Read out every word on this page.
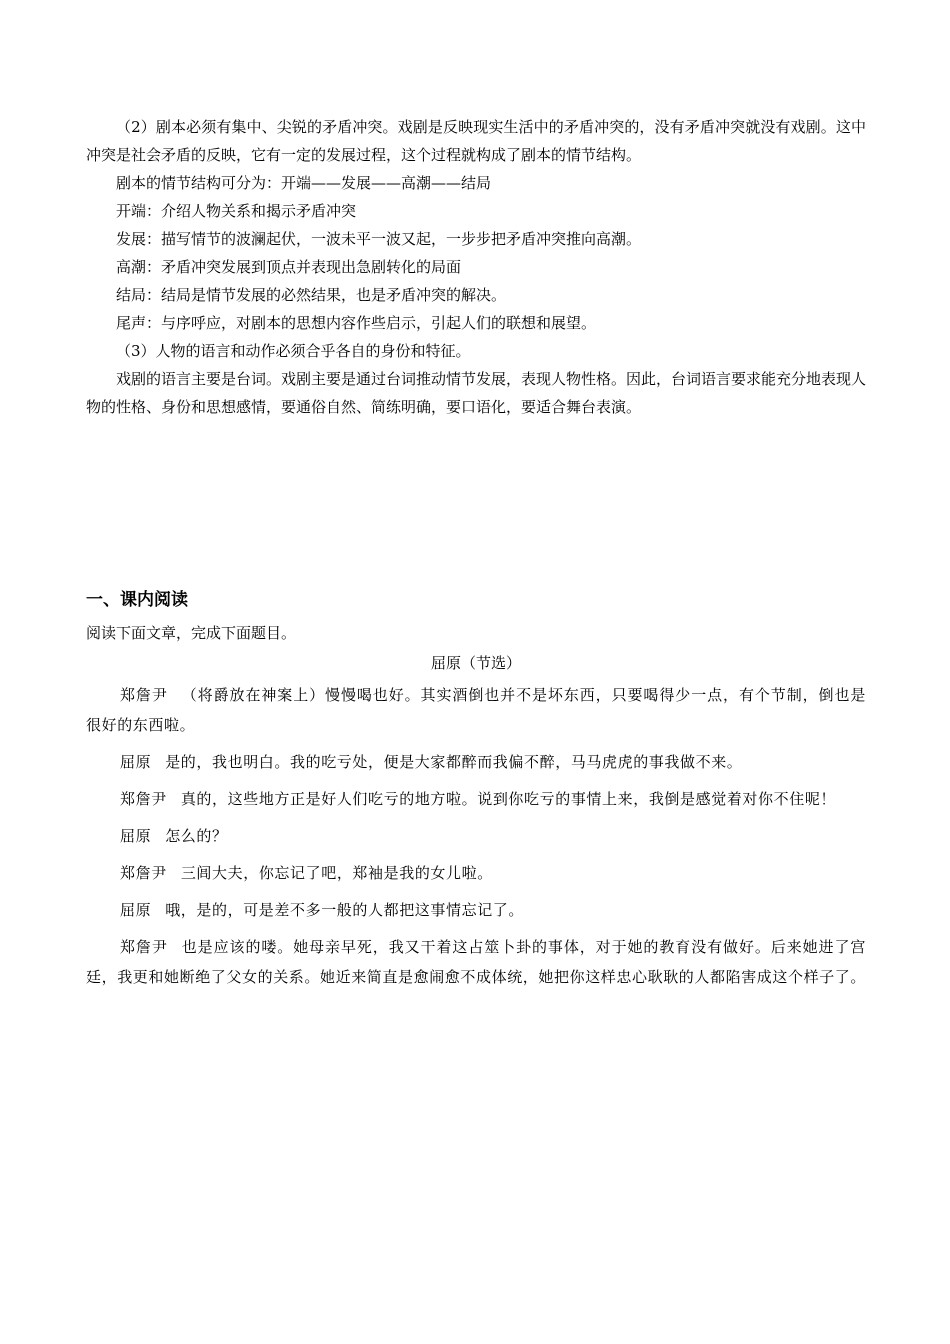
（2）剧本必须有集中、尖锐的矛盾冲突。戏剧是反映现实生活中的矛盾冲突的，没有矛盾冲突就没有戏剧。这中冲突是社会矛盾的反映，它有一定的发展过程，这个过程就构成了剧本的情节结构。

剧本的情节结构可分为：开端——发展——高潮——结局

开端：介绍人物关系和揭示矛盾冲突

发展：描写情节的波澜起伏，一波未平一波又起，一步步把矛盾冲突推向高潮。

高潮：矛盾冲突发展到顶点并表现出急剧转化的局面

结局：结局是情节发展的必然结果，也是矛盾冲突的解决。

尾声：与序呼应，对剧本的思想内容作些启示，引起人们的联想和展望。

（3）人物的语言和动作必须合乎各自的身份和特征。

戏剧的语言主要是台词。戏剧主要是通过台词推动情节发展，表现人物性格。因此，台词语言要求能充分地表现人物的性格、身份和思想感情，要通俗自然、简练明确，要口语化，要适合舞台表演。

一、课内阅读

阅读下面文章，完成下面题目。

屈原（节选）

郑詹尹 （将爵放在神案上）慢慢喝也好。其实酒倒也并不是坏东西，只要喝得少一点，有个节制，倒也是很好的东西啦。

屈原 是的，我也明白。我的吃亏处，便是大家都醉而我偏不醉，马马虎虎的事我做不来。

郑詹尹 真的，这些地方正是好人们吃亏的地方啦。说到你吃亏的事情上来，我倒是感觉着对你不住呢！

屈原 怎么的？

郑詹尹 三闾大夫，你忘记了吧，郑袖是我的女儿啦。

屈原 哦，是的，可是差不多一般的人都把这事情忘记了。

郑詹尹 也是应该的喽。她母亲早死，我又干着这占筮卜卦的事体，对于她的教育没有做好。后来她进了宫廷，我更和她断绝了父女的关系。她近来简直是愈闹愈不成体统，她把你这样忠心耿耿的人都陷害成这个样子了。
